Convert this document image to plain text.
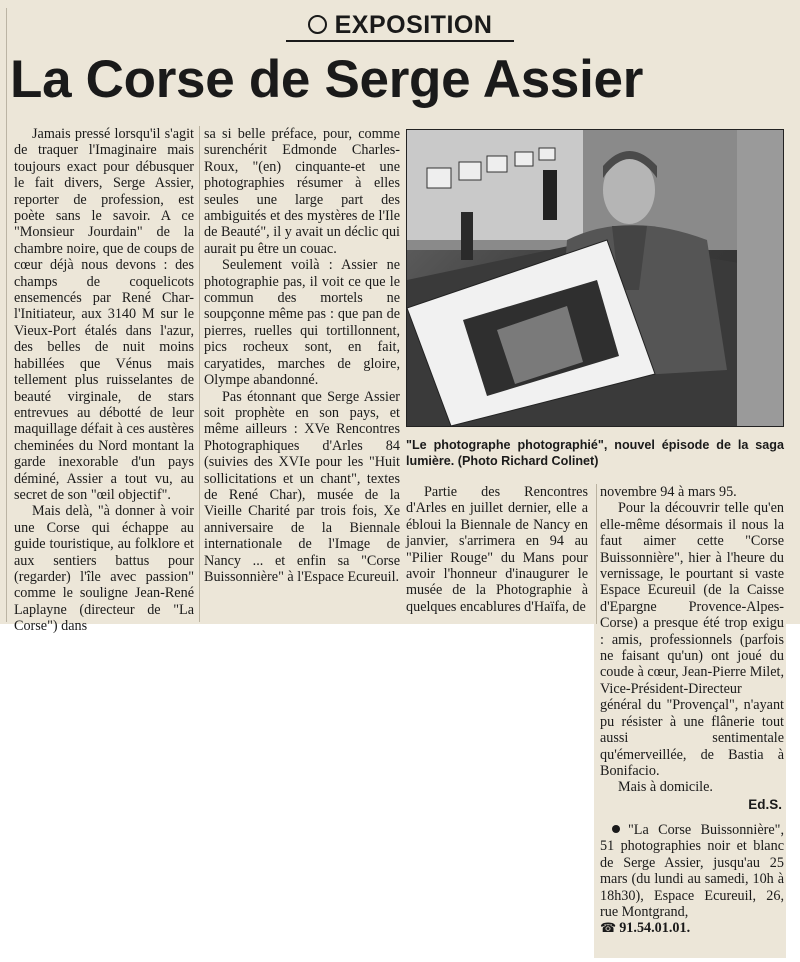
EXPOSITION
La Corse de Serge Assier

Jamais pressé lorsqu'il s'agit de traquer l'Imaginaire mais toujours exact pour débusquer le fait divers, Serge Assier, reporter de profession, est poète sans le savoir. A ce "Monsieur Jourdain" de la chambre noire, que de coups de cœur déjà nous devons : des champs de coquelicots ensemencés par René Char-l'Initiateur, aux 3140 M sur le Vieux-Port étalés dans l'azur, des belles de nuit moins habillées que Vénus mais tellement plus ruisselantes de beauté virginale, de stars entrevues au débotté de leur maquillage défait à ces austères cheminées du Nord montant la garde inexorable d'un pays déminé, Assier a tout vu, au secret de son "œil objectif".

Mais delà, "à donner à voir une Corse qui échappe au guide touristique, au folklore et aux sentiers battus pour (regarder) l'île avec passion" comme le souligne Jean-René Laplayne (directeur de "La Corse") dans

sa si belle préface, pour, comme surenchérit Edmonde Charles-Roux, "(en) cinquante-et une photographies résumer à elles seules une large part des ambiguités et des mystères de l'Ile de Beauté", il y avait un déclic qui aurait pu être un couac.

Seulement voilà : Assier ne photographie pas, il voit ce que le commun des mortels ne soupçonne même pas : que pan de pierres, ruelles qui tortillonnent, pics rocheux sont, en fait, caryatides, marches de gloire, Olympe abandonné.

Pas étonnant que Serge Assier soit prophète en son pays, et même ailleurs : XVe Rencontres Photographiques d'Arles 84 (suivies des XVIe pour les "Huit sollicitations et un chant", textes de René Char), musée de la Vieille Charité par trois fois, Xe anniversaire de la Biennale internationale de l'Image de Nancy ... et enfin sa "Corse Buissonnière" à l'Espace Ecureuil.

"Le photographe photographié", nouvel épisode de la saga lumière. (Photo Richard Colinet)

Partie des Rencontres d'Arles en juillet dernier, elle a ébloui la Biennale de Nancy en janvier, s'arrimera en 94 au "Pilier Rouge" du Mans pour avoir l'honneur d'inaugurer le musée de la Photographie à quelques encablures d'Haïfa, de

novembre 94 à mars 95.

Pour la découvrir telle qu'en elle-même désormais il nous la faut aimer cette "Corse Buissonnière", hier à l'heure du vernissage, le pourtant si vaste Espace Ecureuil (de la Caisse d'Epargne Provence-Alpes-Corse) a presque été trop exigu : amis, professionnels (parfois ne faisant qu'un) ont joué du coude à cœur, Jean-Pierre Milet, Vice-Président-Directeur général du "Provençal", n'ayant pu résister à une flânerie tout aussi sentimentale qu'émerveillée, de Bastia à Bonifacio.

Mais à domicile.

Ed.S.

"La Corse Buissonnière", 51 photographies noir et blanc de Serge Assier, jusqu'au 25 mars (du lundi au samedi, 10h à 18h30), Espace Ecureuil, 26, rue Montgrand,
☎ 91.54.01.01.
